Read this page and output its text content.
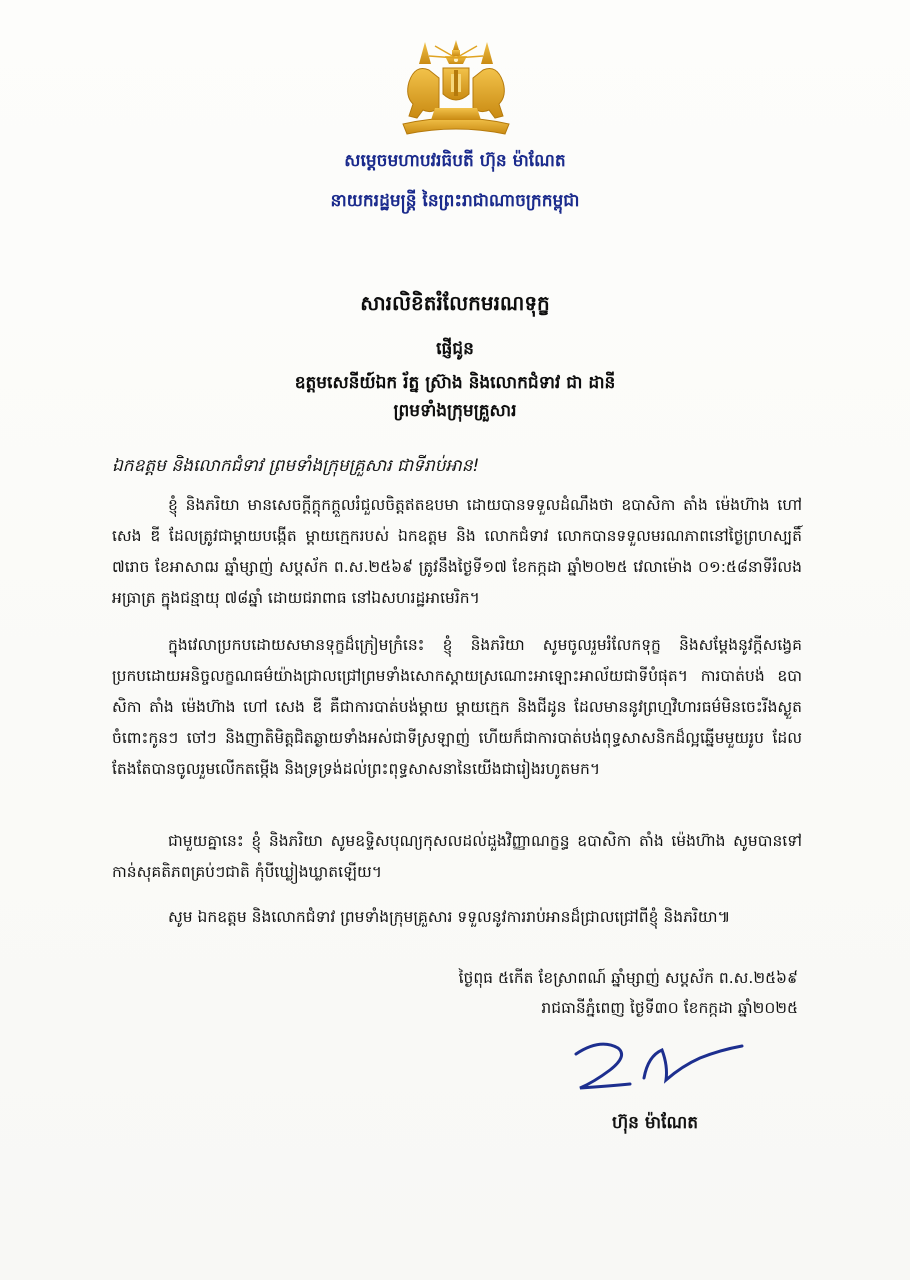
សម្តេចមហាបវរធិបតី ហ៊ុន ម៉ាណែត
នាយករដ្ឋមន្ត្រី នៃព្រះរាជាណាចក្រកម្ពុជា
សារលិខិតរំលែកមរណទុក្ខ
ផ្ញើជូន
ឧត្តមសេនីយ៍ឯក រ័ត្ន ស្រ៊ាង និងលោកជំទាវ ជា ដានី
ព្រមទាំងក្រុមគ្រួសារ
ឯកឧត្តម និងលោកជំទាវ ព្រមទាំងក្រុមគ្រួសារ ជាទីរាប់អាន!

ខ្ញុំ និងភរិយា មានសេចក្តីក្តុកក្តួលរំជួលចិត្តឥតឧបមា ដោយបានទទួលដំណឹងថា ឧបាសិកា តាំង ម៉េងហ៊ាង ហៅ សេង ឌី ដែលត្រូវជាម្តាយបង្កើត ម្តាយក្មេករបស់ ឯកឧត្តម និង លោកជំទាវ លោកបានទទួលមរណភាពនៅថ្ងៃព្រហស្បតិ៍ ៧រោច ខែអាសាឍ ឆ្នាំម្សាញ់ សប្តស័ក ព.ស.២៥៦៩ ត្រូវនឹងថ្ងៃទី១៧ ខែកក្កដា ឆ្នាំ២០២៥ វេលាម៉ោង ០១:៥៨នាទីរំលងអធ្រាត្រ ក្នុងជន្មាយុ ៧៨ឆ្នាំ ដោយជរាពាធ នៅឯសហរដ្ឋអាមេរិក។

ក្នុងវេលាប្រកបដោយសមានទុក្ខដ៏ក្រៀមក្រំនេះ ខ្ញុំ និងភរិយា សូមចូលរួមរំលែកទុក្ខ និងសម្តែងនូវក្តីសង្វេគប្រកបដោយអនិច្ចលក្ខណធម៌យ៉ាងជ្រាលជ្រៅព្រមទាំងសោកស្តាយស្រណោះអាឡោះអាល័យជាទីបំផុត។ ការបាត់បង់ ឧបាសិកា តាំង ម៉េងហ៊ាង ហៅ សេង ឌី គឺជាការបាត់បង់ម្តាយ ម្តាយក្មេក និងជីដូន ដែលមាននូវព្រហ្មវិហារធម៌មិនចេះរីងស្ងួតចំពោះកូនៗ ចៅៗ និងញាតិមិត្តជិតឆ្ងាយទាំងអស់ជាទីស្រឡាញ់ ហើយក៏ជាការបាត់បង់ពុទ្ធសាសនិកដ៏ល្អឆ្នើមមួយរូប ដែលតែងតែបានចូលរួមលើកតម្កើង និងទ្រទ្រង់ដល់ព្រះពុទ្ធសាសនានៃយើងជារៀងរហូតមក។

ជាមួយគ្នានេះ ខ្ញុំ និងភរិយា សូមឧទ្ទិសបុណ្យកុសលដល់ដួងវិញ្ញាណក្ខន្ធ ឧបាសិកា តាំង ម៉េងហ៊ាង សូមបានទៅកាន់សុគតិភពគ្រប់ៗជាតិ កុំបីឃ្លៀងឃ្លាតឡើយ។

សូម ឯកឧត្តម និងលោកជំទាវ ព្រមទាំងក្រុមគ្រួសារ ទទួលនូវការរាប់អានដ៏ជ្រាលជ្រៅពីខ្ញុំ និងភរិយា៕

ថ្ងៃពុធ ៥កើត ខែស្រាពណ៍ ឆ្នាំម្សាញ់ សប្តស័ក ព.ស.២៥៦៩
រាជធានីភ្នំពេញ ថ្ងៃទី៣០ ខែកក្កដា ឆ្នាំ២០២៥
ហ៊ុន ម៉ាណែត
